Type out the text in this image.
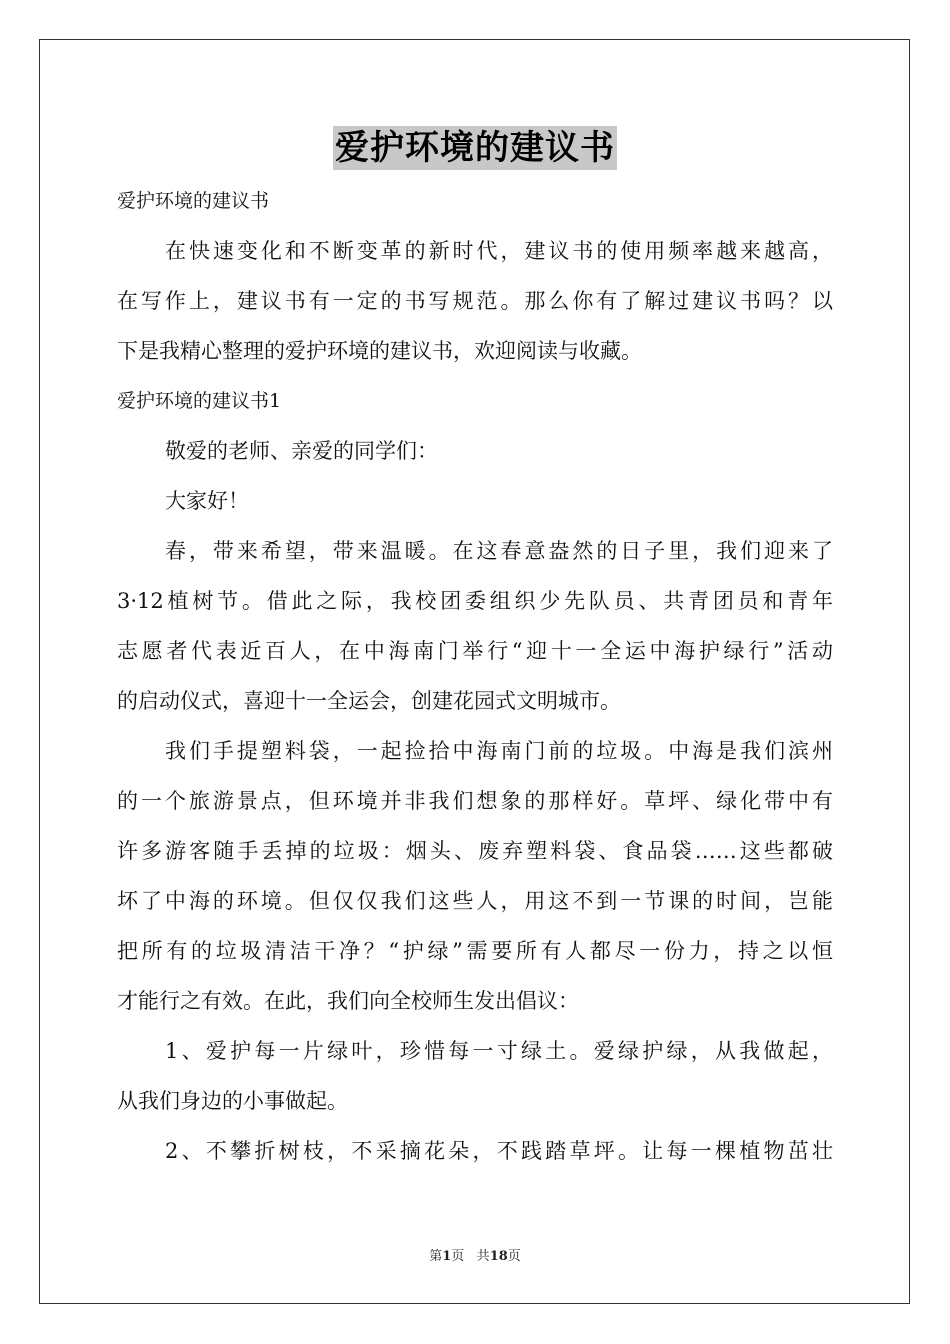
爱护环境的建议书
爱护环境的建议书
在快速变化和不断变革的新时代，建议书的使用频率越来越高，
在写作上，建议书有一定的书写规范。那么你有了解过建议书吗？以
下是我精心整理的爱护环境的建议书，欢迎阅读与收藏。
爱护环境的建议书1
敬爱的老师、亲爱的同学们：
大家好！
春，带来希望，带来温暖。在这春意盎然的日子里，我们迎来了
3·12植树节。借此之际，我校团委组织少先队员、共青团员和青年
志愿者代表近百人，在中海南门举行“迎十一全运中海护绿行”活动
的启动仪式，喜迎十一全运会，创建花园式文明城市。
我们手提塑料袋，一起捡拾中海南门前的垃圾。中海是我们滨州
的一个旅游景点，但环境并非我们想象的那样好。草坪、绿化带中有
许多游客随手丢掉的垃圾：烟头、废弃塑料袋、食品袋……这些都破
坏了中海的环境。但仅仅我们这些人，用这不到一节课的时间，岂能
把所有的垃圾清洁干净？“护绿”需要所有人都尽一份力，持之以恒
才能行之有效。在此，我们向全校师生发出倡议：
1、爱护每一片绿叶，珍惜每一寸绿土。爱绿护绿，从我做起，
从我们身边的小事做起。
2、不攀折树枝，不采摘花朵，不践踏草坪。让每一棵植物茁壮
第1页 共18页
